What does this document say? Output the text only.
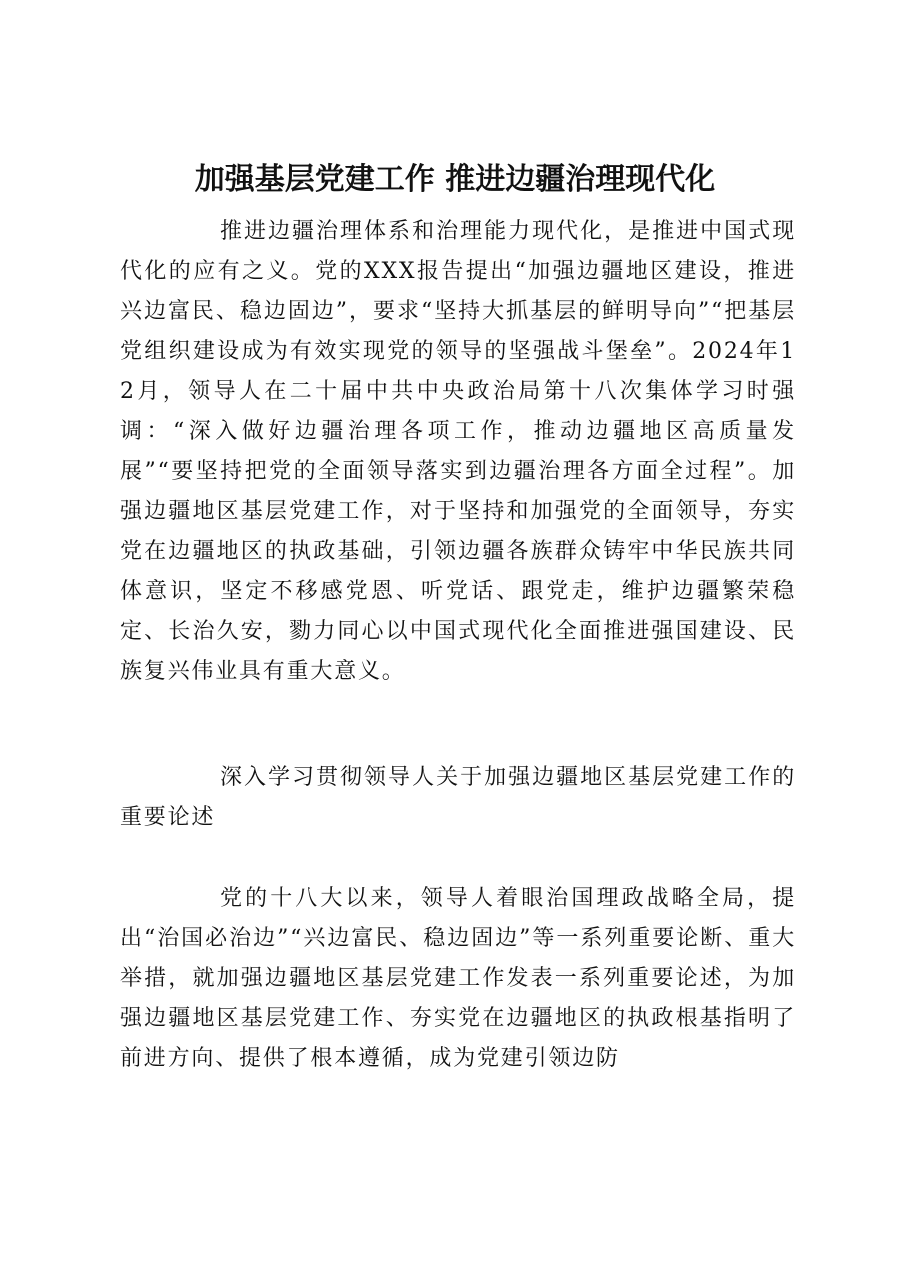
加强基层党建工作 推进边疆治理现代化

推进边疆治理体系和治理能力现代化，是推进中国式现代化的应有之义。党的XXX报告提出“加强边疆地区建设，推进兴边富民、稳边固边”，要求“坚持大抓基层的鲜明导向”“把基层党组织建设成为有效实现党的领导的坚强战斗堡垒”。2024年12月，领导人在二十届中共中央政治局第十八次集体学习时强调：“深入做好边疆治理各项工作，推动边疆地区高质量发展”“要坚持把党的全面领导落实到边疆治理各方面全过程”。加强边疆地区基层党建工作，对于坚持和加强党的全面领导，夯实党在边疆地区的执政基础，引领边疆各族群众铸牢中华民族共同体意识，坚定不移感党恩、听党话、跟党走，维护边疆繁荣稳定、长治久安，勠力同心以中国式现代化全面推进强国建设、民族复兴伟业具有重大意义。

深入学习贯彻领导人关于加强边疆地区基层党建工作的重要论述

党的十八大以来，领导人着眼治国理政战略全局，提出“治国必治边”“兴边富民、稳边固边”等一系列重要论断、重大举措，就加强边疆地区基层党建工作发表一系列重要论述，为加强边疆地区基层党建工作、夯实党在边疆地区的执政根基指明了前进方向、提供了根本遵循，成为党建引领边防
